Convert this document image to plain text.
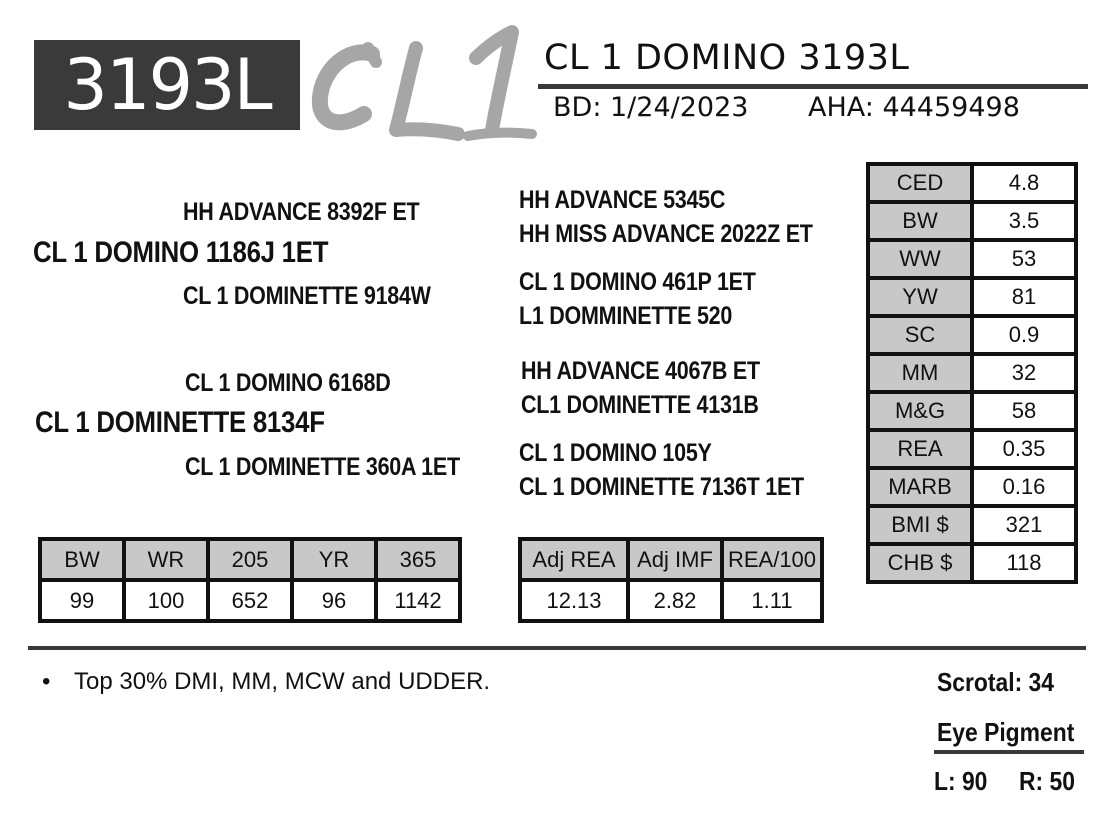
3193L	CL 1 DOMINO 3193L
BD: 1/24/2023 AHA: 44459498
HH ADVANCE 8392F ET
CL 1 DOMINO 1186J 1ET
CL 1 DOMINETTE 9184W
HH ADVANCE 5345C
HH MISS ADVANCE 2022Z ET
CL 1 DOMINO 461P 1ET
L1 DOMMINETTE 520
CL 1 DOMINO 6168D
CL 1 DOMINETTE 8134F
CL 1 DOMINETTE 360A 1ET
HH ADVANCE 4067B ET
CL1 DOMINETTE 4131B
CL 1 DOMINO 105Y
CL 1 DOMINETTE 7136T 1ET
CED	4.8
BW	3.5
WW	53
YW	81
SC	0.9
MM	32
M&G	58
REA	0.35
MARB	0.16
BMI $	321
CHB $	118
BW	WR	205	YR	365
99	100	652	96	1142
Adj REA	Adj IMF	REA/100
12.13	2.82	1.11
• Top 30% DMI, MM, MCW and UDDER.	Scrotal: 34
Eye Pigment
L: 90 R: 50
